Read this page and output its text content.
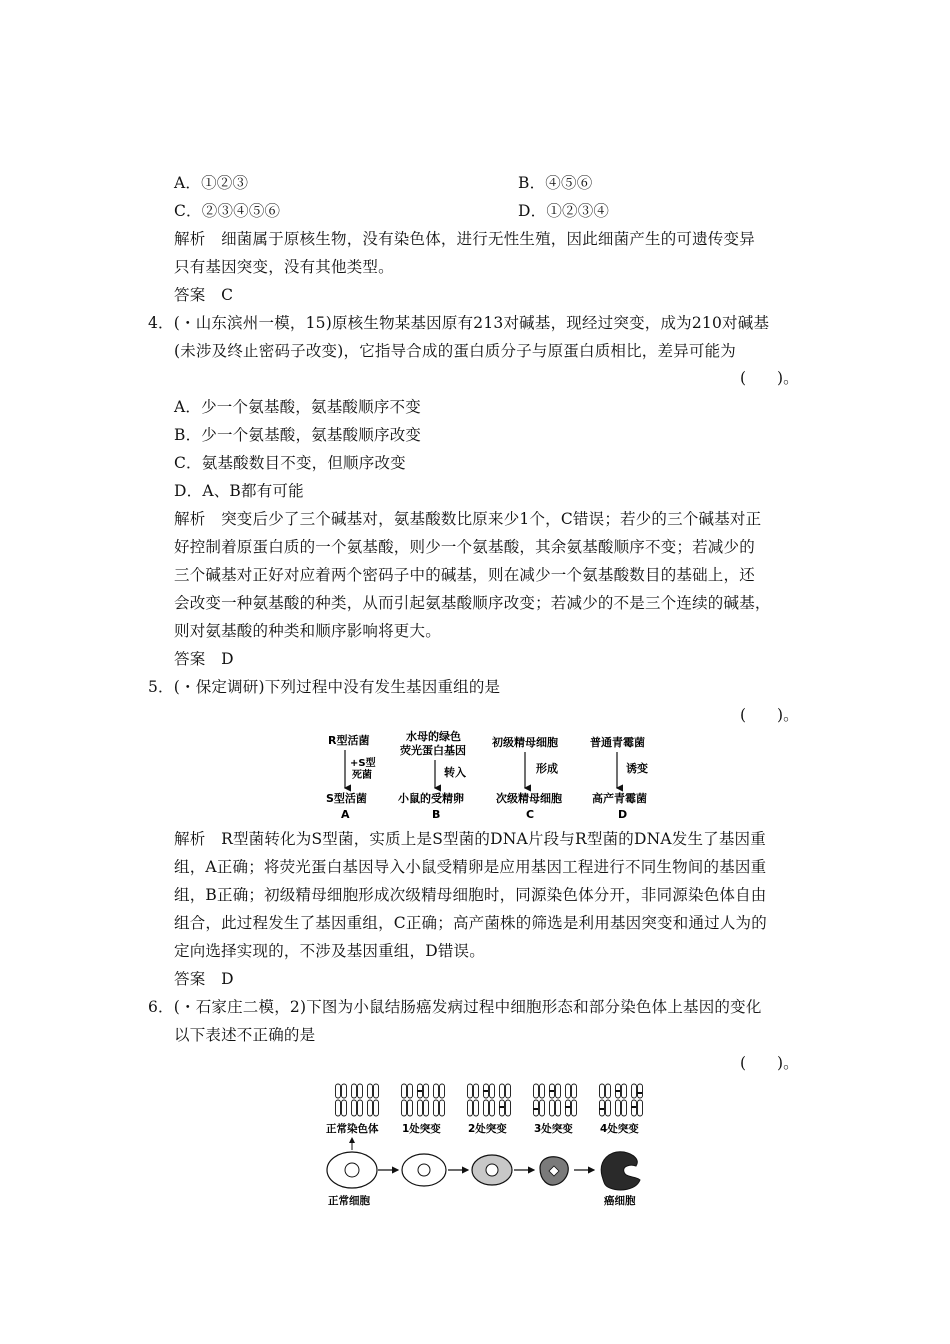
A．①②③	B．④⑤⑥
C．②③④⑤⑥	D．①②③④
解析　细菌属于原核生物，没有染色体，进行无性生殖，因此细菌产生的可遗传变异
只有基因突变，没有其他类型。
答案　C
4．(・山东滨州一模，15)原核生物某基因原有213对碱基，现经过突变，成为210对碱基
(未涉及终止密码子改变)，它指导合成的蛋白质分子与原蛋白质相比，差异可能为
(　　)。
A．少一个氨基酸，氨基酸顺序不变
B．少一个氨基酸，氨基酸顺序改变
C．氨基酸数目不变，但顺序改变
D．A、B都有可能
解析　突变后少了三个碱基对，氨基酸数比原来少1个，C错误；若少的三个碱基对正
好控制着原蛋白质的一个氨基酸，则少一个氨基酸，其余氨基酸顺序不变；若减少的
三个碱基对正好对应着两个密码子中的碱基，则在减少一个氨基酸数目的基础上，还
会改变一种氨基酸的种类，从而引起氨基酸顺序改变；若减少的不是三个连续的碱基，
则对氨基酸的种类和顺序影响将更大。
答案　D
5．(・保定调研)下列过程中没有发生基因重组的是
(　　)。
R型活菌
+S型
死菌
S型活菌
A
水母的绿色
荧光蛋白基因
转入
小鼠的受精卵
B
初级精母细胞
形成
次级精母细胞
C
普通青霉菌
诱变
高产青霉菌
D
解析　R型菌转化为S型菌，实质上是S型菌的DNA片段与R型菌的DNA发生了基因重
组，A正确；将荧光蛋白基因导入小鼠受精卵是应用基因工程进行不同生物间的基因重
组，B正确；初级精母细胞形成次级精母细胞时，同源染色体分开，非同源染色体自由
组合，此过程发生了基因重组，C正确；高产菌株的筛选是利用基因突变和通过人为的
定向选择实现的，不涉及基因重组，D错误。
答案　D
6．(・石家庄二模，2)下图为小鼠结肠癌发病过程中细胞形态和部分染色体上基因的变化
以下表述不正确的是
(　　)。
正常染色体 1处突变	2处突变	3处突变	4处突变
正常细胞	癌细胞
